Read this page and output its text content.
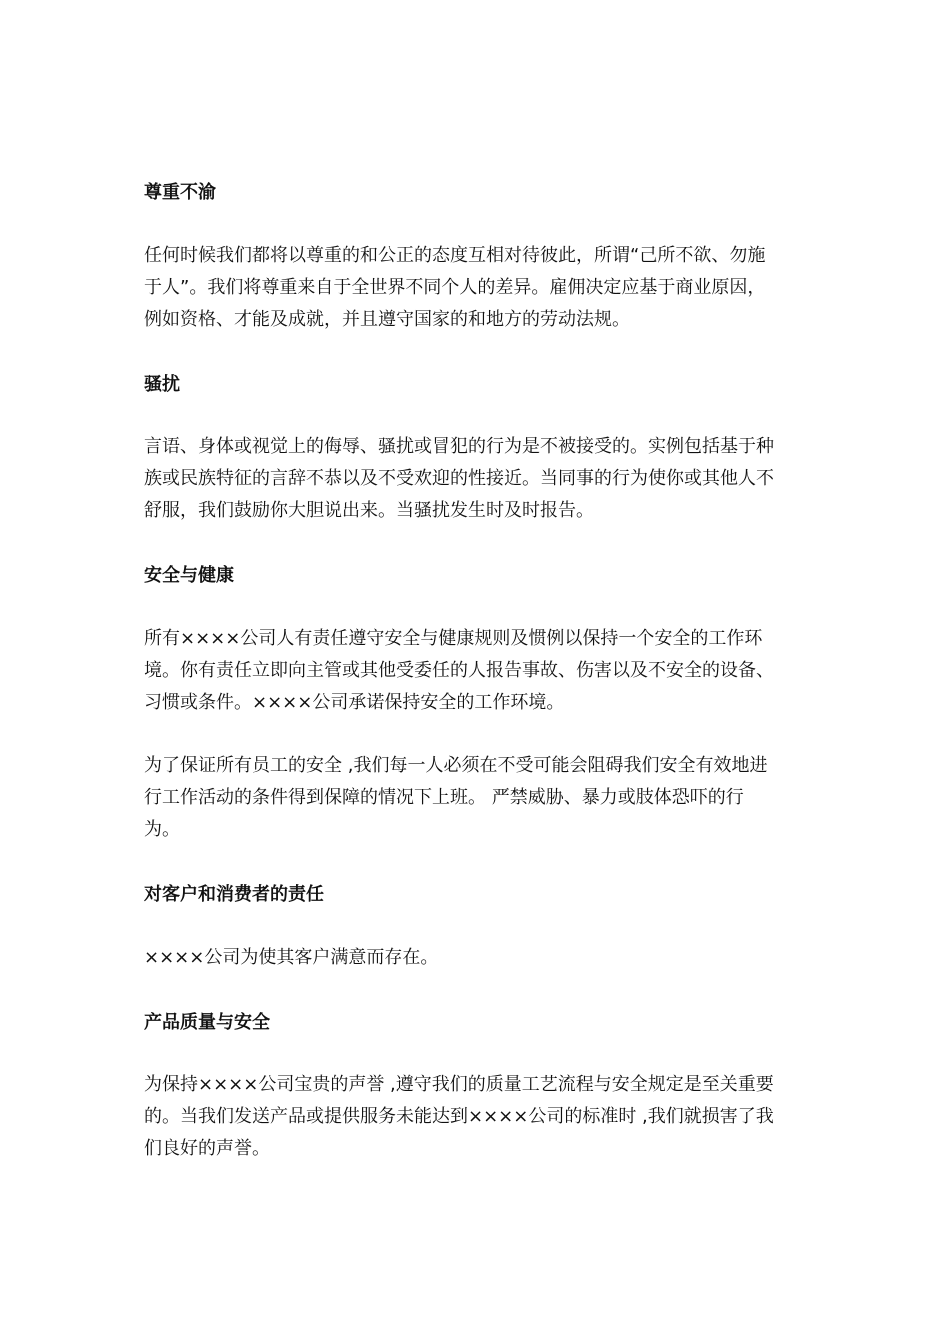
尊重不渝
任何时候我们都将以尊重的和公正的态度互相对待彼此，所谓“己所不欲、勿施
于人”。我们将尊重来自于全世界不同个人的差异。雇佣决定应基于商业原因，
例如资格、才能及成就，并且遵守国家的和地方的劳动法规。
骚扰
言语、身体或视觉上的侮辱、骚扰或冒犯的行为是不被接受的。实例包括基于种
族或民族特征的言辞不恭以及不受欢迎的性接近。当同事的行为使你或其他人不
舒服，我们鼓励你大胆说出来。当骚扰发生时及时报告。
安全与健康
所有××××公司人有责任遵守安全与健康规则及惯例以保持一个安全的工作环
境。你有责任立即向主管或其他受委任的人报告事故、伤害以及不安全的设备、
习惯或条件。××××公司承诺保持安全的工作环境。
为了保证所有员工的安全 ,我们每一人必须在不受可能会阻碍我们安全有效地进
行工作活动的条件得到保障的情况下上班。 严禁威胁、暴力或肢体恐吓的行
为。
对客户和消费者的责任
××××公司为使其客户满意而存在。
产品质量与安全
为保持××××公司宝贵的声誉 ,遵守我们的质量工艺流程与安全规定是至关重要
的。当我们发送产品或提供服务未能达到××××公司的标准时 ,我们就损害了我
们良好的声誉。
